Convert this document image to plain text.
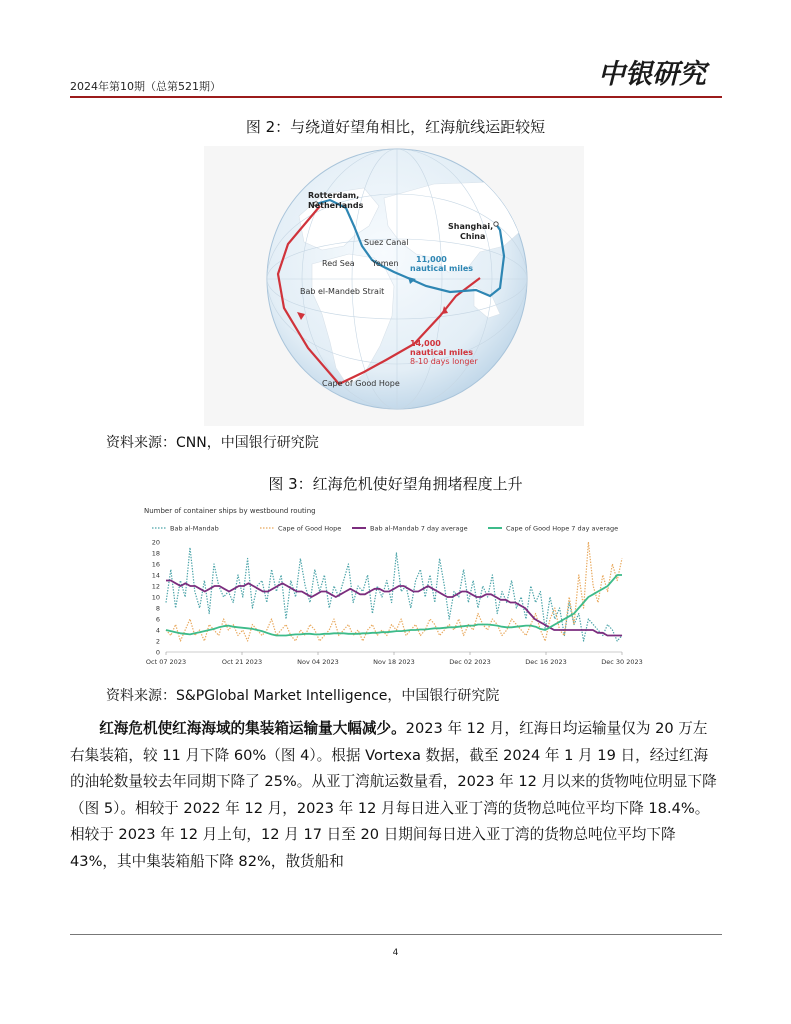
2024年第10期（总第521期）	中银研究
图 2：与绕道好望角相比，红海航线运距较短
Rotterdam,
Netherlands
Shanghai,
China
Suez Canal
Red Sea Yemen
Bab el-Mandeb Strait
Cape of Good Hope
11,000
nautical miles
14,000
nautical miles
8-10 days longer
资料来源：CNN，中国银行研究院
图 3：红海危机使好望角拥堵程度上升
Number of container ships by westbound routing
Bab al-Mandab	Cape of Good Hope	Bab al-Mandab 7 day average	Cape of Good Hope 7 day average
0
2
4
6
8
10
12
14
16
18
20
Oct 07 2023	Oct 21 2023	Nov 04 2023	Nov 18 2023	Dec 02 2023	Dec 16 2023	Dec 30 2023
资料来源：S&PGlobal Market Intelligence，中国银行研究院

红海危机使红海海域的集装箱运输量大幅减少。2023 年 12 月，红海日均运输量仅为 20 万左右集装箱，较 11 月下降 60%（图 4）。根据 Vortexa 数据，截至 2024 年 1 月 19 日，经过红海的油轮数量较去年同期下降了 25%。从亚丁湾航运数量看，2023 年 12 月以来的货物吨位明显下降（图 5）。相较于 2022 年 12 月，2023 年 12 月每日进入亚丁湾的货物总吨位平均下降 18.4%。相较于 2023 年 12 月上旬，12 月 17 日至 20 日期间每日进入亚丁湾的货物总吨位平均下降 43%，其中集装箱船下降 82%，散货船和

4
